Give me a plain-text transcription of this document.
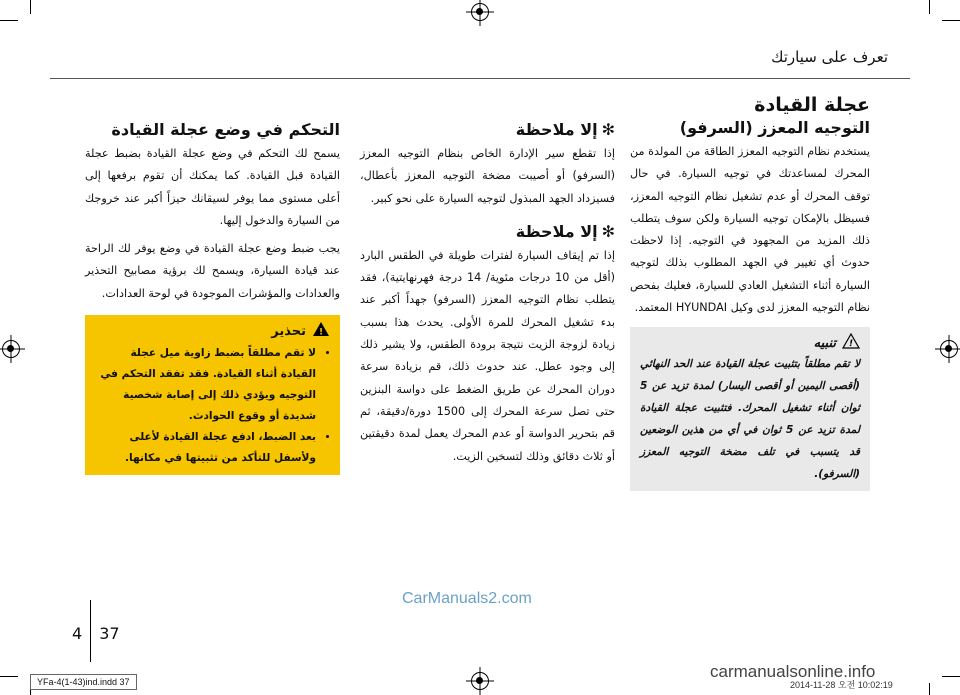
تعرف على سيارتك
عجلة القيادة
التوجيه المعزز (السرفو)
يستخدم نظام التوجيه المعزز الطاقة من المولدة من المحرك لمساعدتك في توجيه السيارة. في حال توقف المحرك أو عدم تشغيل نظام التوجيه المعزز، فسيظل بالإمكان توجيه السيارة ولكن سوف يتطلب ذلك المزيد من المجهود في التوجيه. إذا لاحظت حدوث أي تغيير في الجهد المطلوب بذلك لتوجيه السيارة أثناء التشغيل العادي للسيارة، فعليك بفحص نظام التوجيه المعزز لدى وكيل HYUNDAI المعتمد.
!
تنبيه
لا تقم مطلقاً بتثبيت عجلة القيادة عند الحد النهائي (أقصى اليمين أو أقصى اليسار) لمدة تزيد عن 5 ثوان أثناء تشغيل المحرك. فتثبيت عجلة القيادة لمدة تزيد عن 5 ثوان في أي من هذين الوضعين قد يتسبب في تلف مضخة التوجيه المعزز (السرفو).
✻إلا ملاحظة
إذا تقطع سير الإدارة الخاص بنظام التوجيه المعزز (السرفو) أو أصيبت مضخة التوجيه المعزز بأعطال، فسيزداد الجهد المبذول لتوجيه السيارة على نحو كبير.
✻إلا ملاحظة
إذا تم إيقاف السيارة لفترات طويلة في الطقس البارد (أقل من 10 درجات مئوية/ 14 درجة فهرنهايتية)، فقد يتطلب نظام التوجيه المعزز (السرفو) جهداً أكبر عند بدء تشغيل المحرك للمرة الأولى. يحدث هذا بسبب زيادة لزوجة الزيت نتيجة برودة الطقس، ولا يشير ذلك إلى وجود عطل. عند حدوث ذلك، قم بزيادة سرعة دوران المحرك عن طريق الضغط على دواسة البنزين حتى تصل سرعة المحرك إلى 1500 دورة/دقيقة، ثم قم بتحرير الدواسة أو عدم المحرك يعمل لمدة دقيقتين أو ثلاث دقائق وذلك لتسخين الزيت.
التحكم في وضع عجلة القيادة
يسمح لك التحكم في وضع عجلة القيادة بضبط عجلة القيادة قبل القيادة. كما يمكنك أن تقوم برفعها إلى أعلى مستوى مما يوفر لسيقانك حيزاً أكبر عند خروجك من السيارة والدخول إليها.
يجب ضبط وضع عجلة القيادة في وضع يوفر لك الراحة عند قيادة السيارة، ويسمح لك برؤية مصابيح التحذير والعدادات والمؤشرات الموجودة في لوحة العدادات.
!
تحذير
• لا تقم مطلقاً بضبط زاوية ميل عجلة القيادة أثناء القيادة. فقد تفقد التحكم في التوجيه ويؤدي ذلك إلى إصابة شخصية شديدة أو وقوع الحوادث.
• بعد الضبط، ادفع عجلة القيادة لأعلى ولأسفل للتأكد من تثبيتها في مكانها.
CarManuals2.com
4 37
YFa-4(1-43)ind.indd 37
carmanualsonline.info
2014-11-28 오전 10:02:19
